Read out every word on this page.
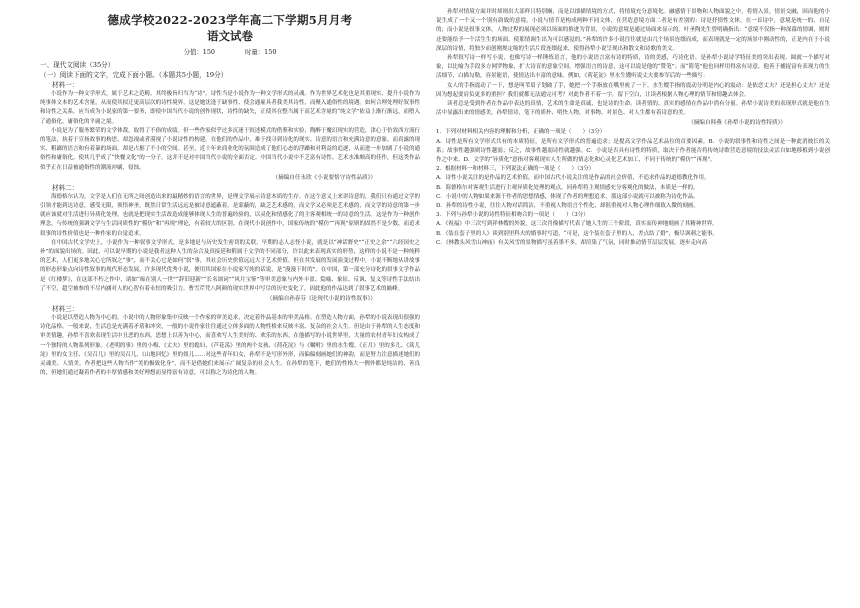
德成学校2022-2023学年高二下学期5月月考
语文试卷
分值：150	时量：150
一、现代文阅读（35分）
（一）阅读下面的文字，完成下面小题。（本题共5小题，19分）
材料一：

小说作为一种文学形式，属于艺术之范畴，其终极旨归当为“诗”。诗性当是小说作为一种文学形式的灵魂。作为世界艺术化也是其重现实、提升小说作为纯事体文本的艺术含量，从而使其拟迁更高层次的诗性境界，这是她沈逢于缺事性、使会通雇具者我美其诗性，而聚入通俗性的境遇。如何合理处理好叙事性和诗性之关系，应当成为小说家的第一要务，即使中国当代小说的创作现状，诗性的缺失，正使其在整当属于高艺术含量的“纯文学”依益上渐行渐远，而堕入了通俗化、庸俗化的平庸之境。

小说是为了服务繁荣的文学体裁，取得了不俗的成绩。但一些作家似乎过多沉迷于叙述模式的借鉴和实验，陶醉于魔幻现实的营造，津心于仿效西方流行的笔法，执着于宣扬故事的构思，却忽视或者漠视了小说诗性的构建。在他们的作品中，难于找寻到诗化的现实、诗意的语言和充满诗意的意象，而真露的现实、粗鄙的语言和有着暴的场面，却是占据了不小的空间。甚至，近十年来商业化的氛围造成了他们心态的浮躁和对利益的追逐，从而进一步加剧了小说的通俗性和庸俗化，使其几乎成了“快餐文化”的一分子。这并不是对中国当代小说的全面否定。中国当代小说中不乏富有诗性、艺术水准颇高的佳作，但这类作品似乎正在日益被通俗性的潮流冲刷、侵蚀。

（摘编自任永欣《小说要恪守诗性品质》）

材料二：

海德格尔认为，文学是人们在无所之间创造出来的最精妙的语言的世界，是理文学展示诗意本质的生存。在这个意义上来讲诗意的，我们只有通过文学的引领才能到达诗意，感受无限，领悟神圣。既然日常生活远远是被诗意遮蔽着，是蒙蔽的，缺乏艺术感的，而文学又必须是艺术感的，而文学的诗意的第一步就应该就对生活进行异质化处理，也就是把现实生活改造成能够体现人生的普遍经验的，以灵化和情感化了的主客观相统一的诗意的生活。这是作为一种创作理念，与传统的强调文学与生活同质性的“模仿”和“再现”理论，有着较大的区别。在现代小说创作中，国家传统的“模仿”“再现”原则的固然不是少数，而追求叙事的诗性价值也是一种作家的自觉追求。

在中国古代文学史上，小说作为一种叙事文学形式，是多地是与历史发生密切的关联。早期的志人志怪小说，就是以“神话野史”“正史之余”“六经国史之补”的面貌出场的。因此，可以说早期的小说是我者这种人生的杂合及真接延和附属于文学的不同部分，许以此来表现真实的形势，这样的小说不是一种纯粹的艺术，人们更多地关心它所叙之“事”，而不关心它是如何“叙”事，其社会历史价值远远大于艺术价值。但在其发展的发展演变过程中，小说不断地从讲故事的形态形象点向诗性叙事的现代形态发展。许多现代优秀小说，便用其国家在小说家写纯的话说，是“漫漫下时的”。在中国，第一部充分诗化的叙事文学作品是《红楼梦》，在这部不朽之作中，诸如“痴在别人一世”“辞旧迎新”“长名颂词”“风月宝鉴”等审美意象与内外丰盈、隐喻、象征、反讽、复义等诗性手法结出了不空，超空被参的不尽内涵对人的心智有着永恒的吸引力。曹雪芹凭八阿颜的现实世界中写尽的历史变化了，因此他的作品达到了叙事艺术的巅峰。

（摘编自孙春芬《论现代小说的诗性叙事》）

材料三：

小说是以塑造人物为中心的。小说中的人物形象集中反映一个作家的审美追求，决定着作品基本的审美品格。在塑造人物方面，孙犁的小说表现出很强的诗化品格。一般来说，生活总是充满着矛盾和冲突，一般的小说作家往往通过立体多面的人物性格来反映丰富、复杂的社会人生。但是由于孙犁的人生态度和审美情趣，孙犁不喜欢表现生活中丑恶的东西，思想上以善为中心，而喜欢写人生美好的、欢乐的东西。在他描写的小说世界里，大量的农村青年妇女构成了一个独特的人物系列形象。《老明的事》里的小梅、《丈夫》里的媳妇、《芦花荡》里的两个女孩、《荷花淀》与《嘱咐》里的水生嫂、《正月》里的多儿、《蒿儿淀》里的女主任、《吴召儿》里的吴召儿、《山地回忆》里的妞儿……对这些青年妇女，孙犁不是写形外形，而偏偏刻画她们的神韵，而是努力注意描述她们的灵魂美、人情美。作者把这些人物当作“美的极致化身”，而不是借她们来展示广阔复杂的社会人生。在孙犁的笔下，她们的性格大一例外都是纯洁的、善良的，但她们通过凝着作者的丰厚情感和美好理想而显得富有诗意，可以称之为诗化的人物。

孙犁对情境方面并时却则出大部样且特别娴，而是以细描情境的方式，将情境充分意境化。融感情于景物和人物面貌之中，将情入景，情景交融，因而他的小说生成了一个又一个别有韵致的意境。小说与情节是构成两种不同文体，在营造意境方面二者是有差别的：诗是抒情性文体，在一首诗中，意境是统一的、自足的；而小说是叙事文体，人物过程的展现必须以场面的推进为背景，小说的意境是通过场面来显示的。叶圣陶先生曾明确指出：“意境不仅指一种深幕的情调，则时还要能给予一个活生生的场面，使那情调生出为可以感觉的。”孙犁的许多小说往往就是由几个场景连缀而成，而表现就是一定的场景中刚动性的，正是内在于小说深层的诗情，将独少而创刚规定缩的生活片段连缀起来，使得孙犁小说呈现出和散文和诗歌的美文。

孙犁叙写诗一样写小说，也像写诗一样锤炼语言，他的小说语言富有诗的特质，诗的美感，巧诗化语。是孙犁小说诗学特征美的突出表现。圆就一个描写对象，以比喻为手段多方网罗物象，扩大诗育的意象空间，增强语言的诗意，这可以说是他的“赞笔”；而“简笔”他也同样用得富有诗意，他善于捕捉富有表现力的生活细节，白描勾勒，容景能语，使情达出丰富的意味。例如，《荷花淀》里水生嫂听说丈夫要参军后的一些描写：

女人的手指震动了一下，想是叫苇眉子划破了手，她把一个手指放在嘴里吮了一下。水生嫂手指的震动分明是内心的震动：是依恋丈夫？还是担心丈夫？还是因为想起要肩负更多的重担？我们就都无法通完可考？对此作者不着一字，留下空白，让读者根据人物心理的情节和情趣去体会。

读者总是受到作者在作品中表达的真情，艺术的生命是真诚，也是诗的生命。读者情的、真实的感情在作品中尚有分量。孙犁小说诗美的表现形式就是他在生活中显露出来的情感美，孙犁情诗，笔下的质朴、明快人物，对事物、对景色、对人生都有着诗意的美。

（摘编自韩燕《孙犁小说的诗性特质》）

1．下列对材料相关内容的理解和分析，正确的一项是（　　）（3分）
A．诗性是所有文学形式共有的本质特征，是所有文学形式的普遍追求；是提高文学作品艺术品位的首要因素。B．小说的叙事性和诗性之间是一种此消彼长的关系；故事性越强则诗性越弱；反之，故事性越弱诗性就越强。C．小说是否具有诗性的特质，取决于作者能否将传统诗歌营造意境的技法灵活自如地移植到小说创作之中来。D．文学的“异质化”意指对客观现实人生所做的情志化和心灵化艺术加工，不同于传统的“模仿”“再现”。
2．根据材料一和材料三，下列说法正确的一项是（　　）（3分）
A．诗性小说关注的是作品的艺术价值，而中国古代小说关注的是作品的社会价值，不追求作品的道德教化作用。
B．海德格尔对客观生活进行主观异质化处理的观点，同孙犁将主观情感充分客观化的做法，本质是一样的。
C．小说中的人物如果来源于作者的思想情感，体现了作者的理想追求，那这部小说就可以被称为诗化作品。
D．孙犁的诗性小说，往往人物对话简洁，不重视人物语言个性化，却很重视对人物心理作细致入微的刻画。
3．下列与孙犁小说的诗性特征相吻合的一项是（　　）（3分）
A．《祝福》中三次写到祥林嫂的外貌，这三次肖像描写代表了她人生的三个阶段，真实而传神地刻画了其精神世界。
B．《装在套子里的人》谈到别里科夫的婚事时写道，“可是，这个装在套子里的人，差点结了婚”，极尽讽刺之能事。
C．《林教头风雪山神庙》有关风雪的景物描写虽着墨不多，却渲染了气氛，同时推动情节层层发展，逐步走向高
